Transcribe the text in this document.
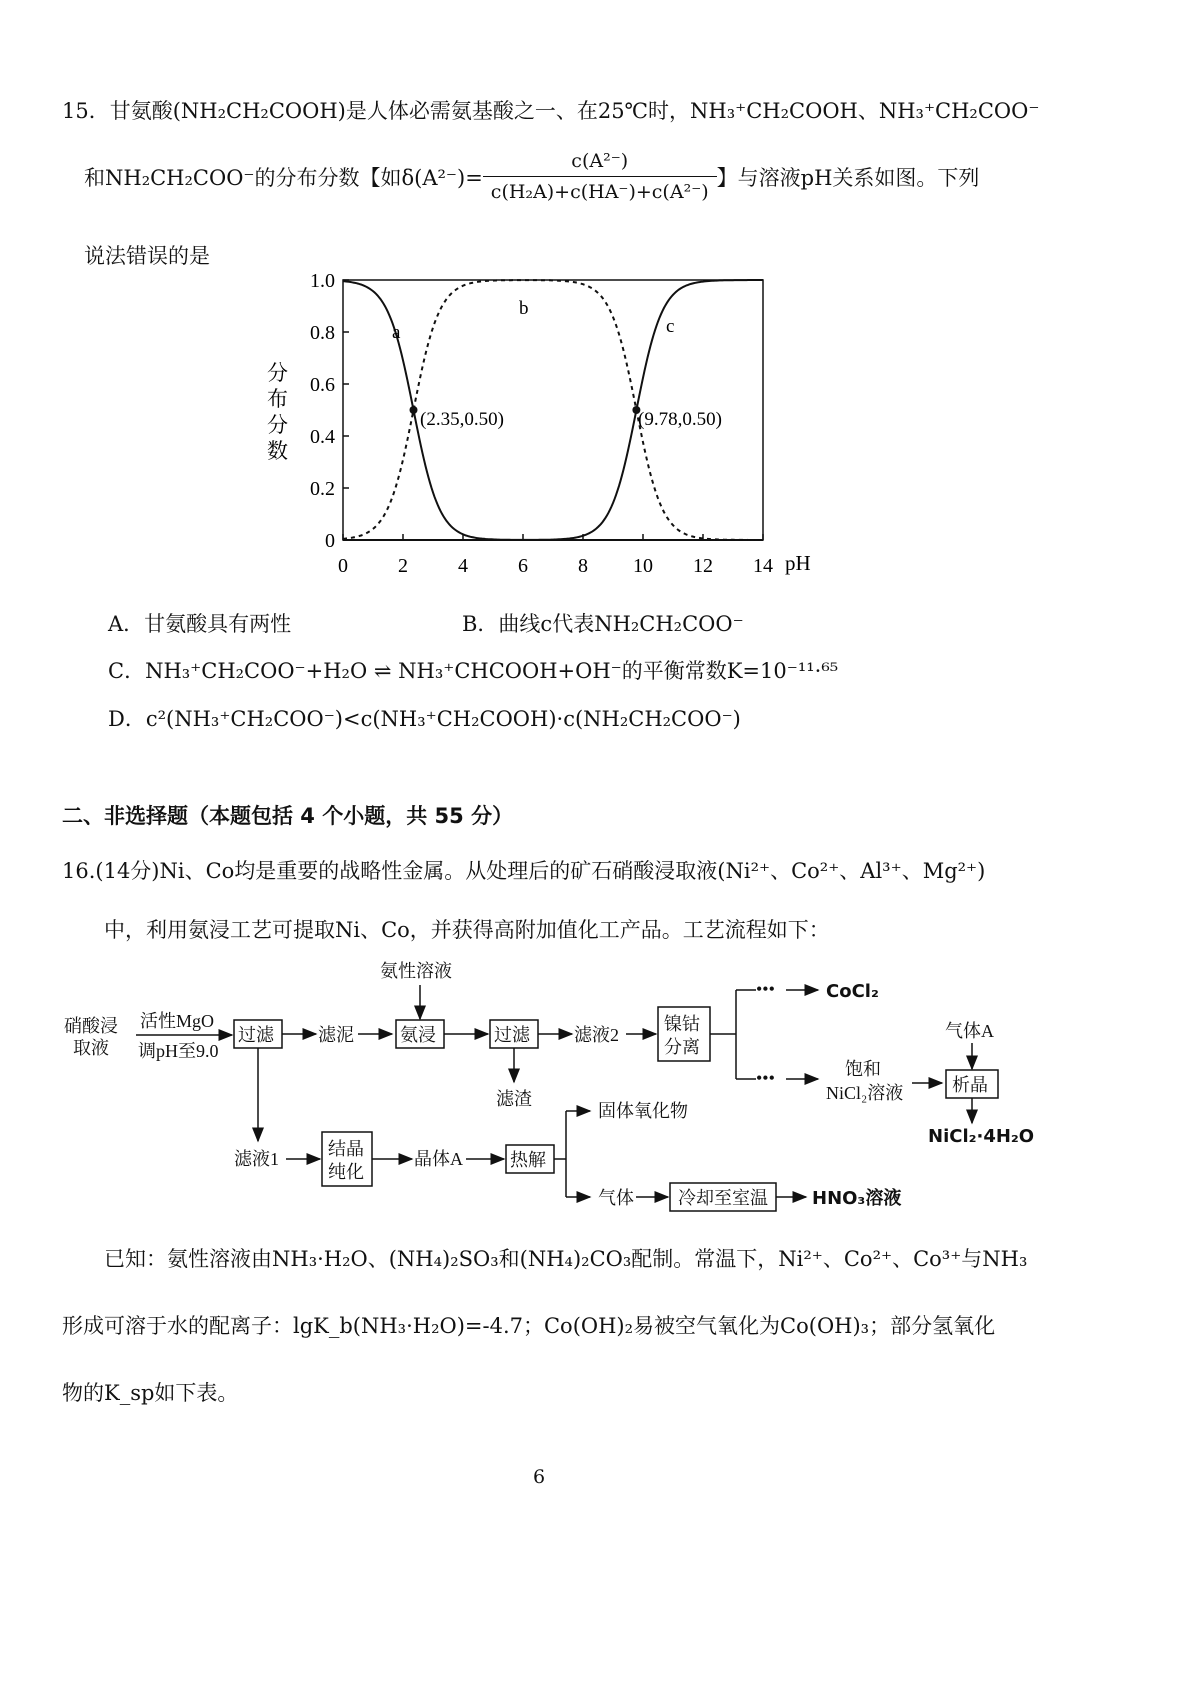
15．甘氨酸(NH₂CH₂COOH)是人体必需氨基酸之一、在25℃时，NH₃⁺CH₂COOH、NH₃⁺CH₂COO⁻
和NH₂CH₂COO⁻的分布分数【如$\delta(A^{2-})= \frac{\text{c(A²⁻)}}{\text{c(H₂A)+c(HA⁻)+c(A²⁻)}}$ 】与溶液pH关系如图。下列
说法错误的是
0	2	4	6	8 10 12 14
0
0.2
0.4
0.6
0.8
1.0
分
布
分
数
pH
a
b
c
(2.35,0.50)	(9.78,0.50)
A．甘氨酸具有两性	B．曲线c代表NH₂CH₂COO⁻
C．NH₃⁺CH₂COO⁻+H₂O ⇌ NH₃⁺CHCOOH+OH⁻的平衡常数K=10⁻¹¹·⁶⁵
D．c²(NH₃⁺CH₂COO⁻)<c(NH₃⁺CH₂COOH)·c(NH₂CH₂COO⁻)
二、非选择题（本题包括 4 个小题，共 55 分）
16.(14分)Ni、Co均是重要的战略性金属。从处理后的矿石硝酸浸取液(Ni²⁺、Co²⁺、Al³⁺、Mg²⁺)
中，利用氨浸工艺可提取Ni、Co，并获得高附加值化工产品。工艺流程如下：
硝酸浸
取液
活性MgO
调pH至9.0
过滤 滤泥
氨性溶液
氨浸	过滤
滤渣
滤液2
镍钴
分离
•••	CoCl₂
•••	饱和
NiCl₂溶液
气体A
析晶
NiCl₂·4H₂O
滤液1	结晶
纯化
晶体A	热解
固体氧化物
气体 冷却至室温 HNO₃溶液
已知：氨性溶液由NH₃·H₂O、(NH₄)₂SO₃和(NH₄)₂CO₃配制。常温下，Ni²⁺、Co²⁺、Co³⁺与NH₃
形成可溶于水的配离子：lgK_b(NH₃·H₂O)=-4.7；Co(OH)₂易被空气氧化为Co(OH)₃；部分氢氧化
物的K_sp如下表。
6
